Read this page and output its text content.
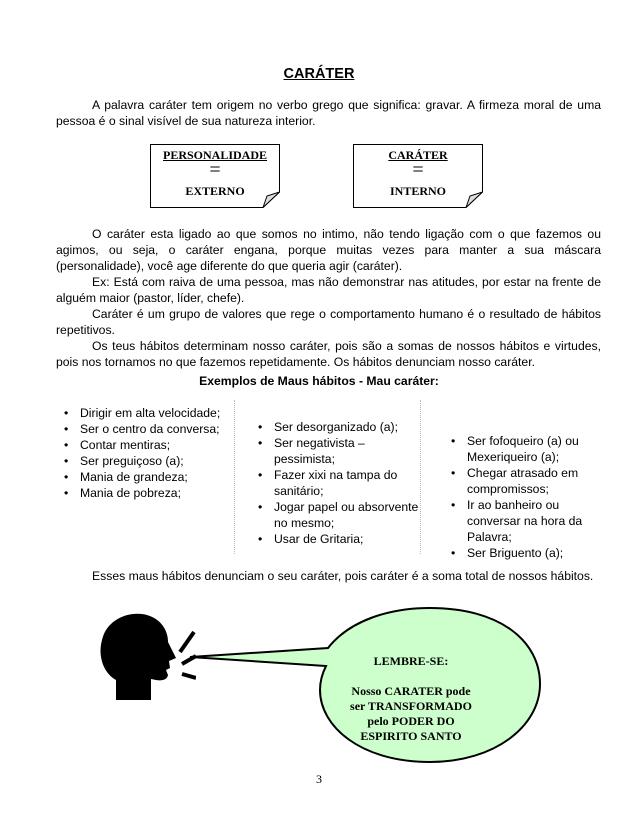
CARÁTER
A palavra caráter tem origem no verbo grego que significa: gravar. A firmeza moral de uma pessoa é o sinal visível de sua natureza interior.
PERSONALIDADE
=
EXTERNO
CARÁTER
=
INTERNO
O caráter esta ligado ao que somos no intimo, não tendo ligação com o que fazemos ou agimos, ou seja, o caráter engana, porque muitas vezes para manter a sua máscara (personalidade), você age diferente do que queria agir (caráter).
Ex: Está com raiva de uma pessoa, mas não demonstrar nas atitudes, por estar na frente de alguém maior (pastor, líder, chefe).
Caráter é um grupo de valores que rege o comportamento humano é o resultado de hábitos repetitivos.
Os teus hábitos determinam nosso caráter, pois são a somas de nossos hábitos e virtudes, pois nos tornamos no que fazemos repetidamente. Os hábitos denunciam nosso caráter.
Exemplos de Maus hábitos - Mau caráter:
• Dirigir em alta velocidade;
• Ser o centro da conversa;
• Contar mentiras;
• Ser preguiçoso (a);
• Mania de grandeza;
• Mania de pobreza;
• Ser desorganizado (a);
• Ser negativista – pessimista;
• Fazer xixi na tampa do sanitário;
• Jogar papel ou absorvente no mesmo;
• Usar de Gritaria;
• Ser fofoqueiro (a) ou Mexeriqueiro (a);
• Chegar atrasado em compromissos;
• Ir ao banheiro ou conversar na hora da Palavra;
• Ser Briguento (a);
Esses maus hábitos denunciam o seu caráter, pois caráter é a soma total de nossos hábitos.
LEMBRE-SE:
Nosso CARATER pode
ser TRANSFORMADO
pelo PODER DO
ESPIRITO SANTO
3
